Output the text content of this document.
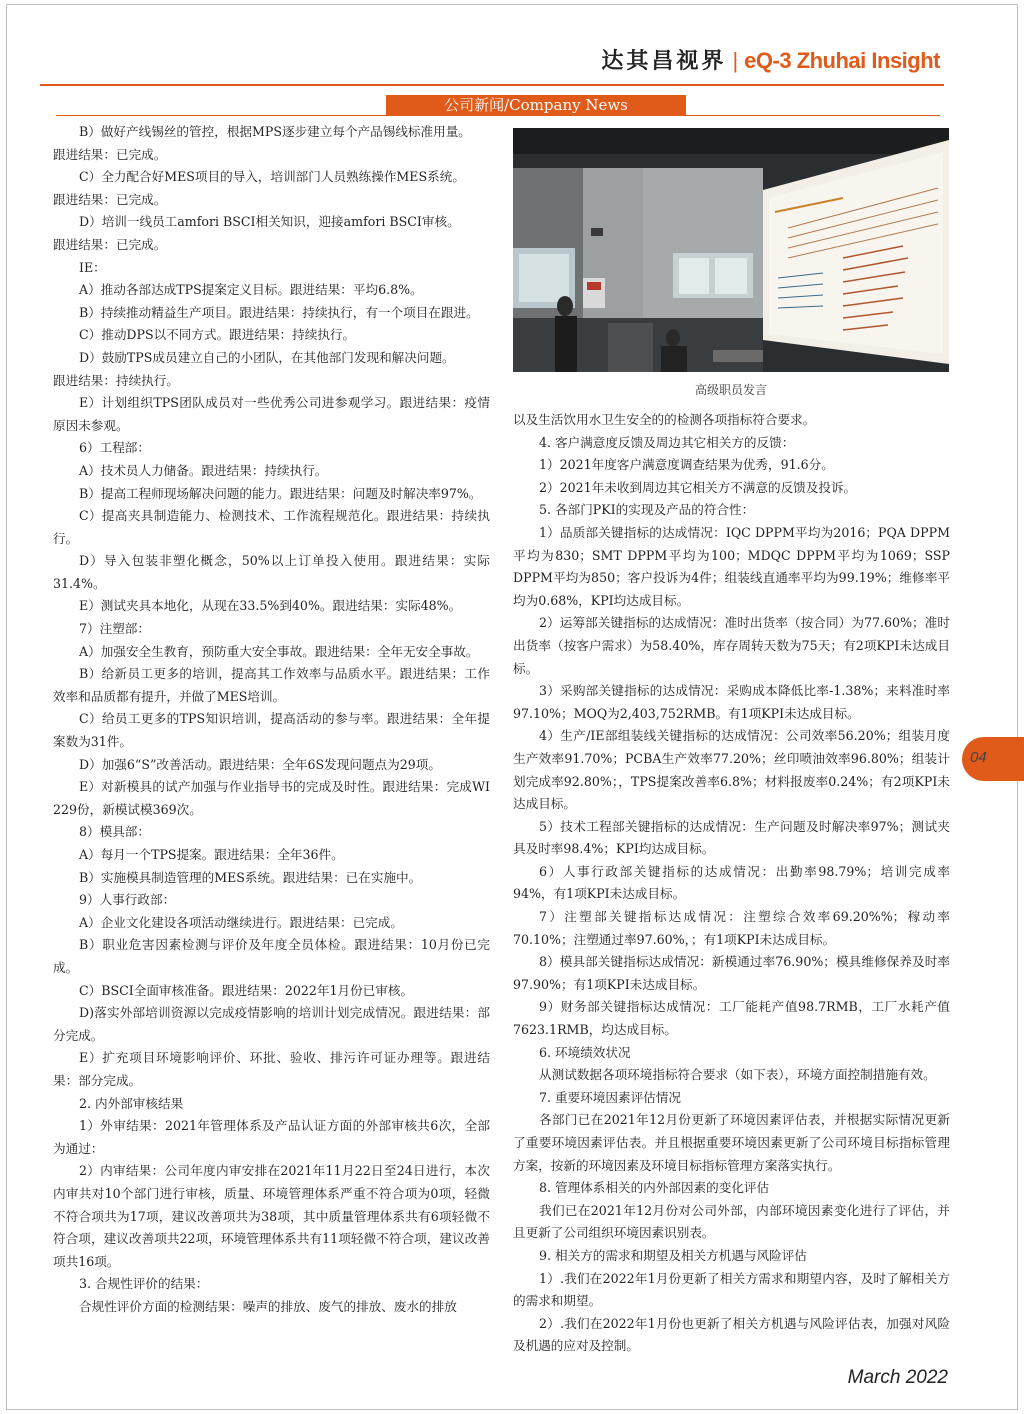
达其昌视界 | eQ-3 Zhuhai Insight
公司新闻/Company News

B）做好产线锡丝的管控，根据MPS逐步建立每个产品锡线标准用量。

跟进结果：已完成。

C）全力配合好MES项目的导入，培训部门人员熟练操作MES系统。

跟进结果：已完成。

D）培训一线员工amfori BSCI相关知识，迎接amfori BSCI审核。

跟进结果：已完成。

IE：

A）推动各部达成TPS提案定义目标。跟进结果：平均6.8%。

B）持续推动精益生产项目。跟进结果：持续执行，有一个项目在跟进。

C）推动DPS以不同方式。跟进结果：持续执行。

D）鼓励TPS成员建立自己的小团队，在其他部门发现和解决问题。

跟进结果：持续执行。

E）计划组织TPS团队成员对一些优秀公司进参观学习。跟进结果：疫情原因未参观。

6）工程部：

A）技术员人力储备。跟进结果：持续执行。

B）提高工程师现场解决问题的能力。跟进结果：问题及时解决率97%。

C）提高夹具制造能力、检测技术、工作流程规范化。跟进结果：持续执行。

D）导入包装非塑化概念，50%以上订单投入使用。跟进结果：实际31.4%。

E）测试夹具本地化，从现在33.5%到40%。跟进结果：实际48%。

7）注塑部：

A）加强安全生教育，预防重大安全事故。跟进结果：全年无安全事故。

B）给新员工更多的培训，提高其工作效率与品质水平。跟进结果：工作效率和品质都有提升，并做了MES培训。

C）给员工更多的TPS知识培训，提高活动的参与率。跟进结果：全年提案数为31件。

D）加强6“S”改善活动。跟进结果：全年6S发现问题点为29项。

E）对新模具的试产加强与作业指导书的完成及时性。跟进结果：完成WI 229份，新模试模369次。

8）模具部：

A）每月一个TPS提案。跟进结果：全年36件。

B）实施模具制造管理的MES系统。跟进结果：已在实施中。

9）人事行政部：

A）企业文化建设各项活动继续进行。跟进结果：已完成。

B）职业危害因素检测与评价及年度全员体检。跟进结果：10月份已完成。

C）BSCI全面审核准备。跟进结果：2022年1月份已审核。

D)落实外部培训资源以完成疫情影响的培训计划完成情况。跟进结果：部分完成。

E）扩充项目环境影响评价、环批、验收、排污许可证办理等。跟进结果：部分完成。

2. 内外部审核结果

1）外审结果：2021年管理体系及产品认证方面的外部审核共6次，全部为通过：

2）内审结果：公司年度内审安排在2021年11月22日至24日进行，本次内审共对10个部门进行审核，质量、环境管理体系严重不符合项为0项，轻微不符合项共为17项，建议改善项共为38项，其中质量管理体系共有6项轻微不符合项，建议改善项共22项，环境管理体系共有11项轻微不符合项，建议改善项共16项。

3. 合规性评价的结果：

合规性评价方面的检测结果：噪声的排放、废气的排放、废水的排放

高级职员发言

以及生活饮用水卫生安全的的检测各项指标符合要求。

4. 客户满意度反馈及周边其它相关方的反馈：

1）2021年度客户满意度调查结果为优秀，91.6分。

2）2021年未收到周边其它相关方不满意的反馈及投诉。

5. 各部门PKI的实现及产品的符合性：

1）品质部关键指标的达成情况：IQC DPPM平均为2016；PQA DPPM平均为830；SMT DPPM平均为100；MDQC DPPM平均为1069；SSP DPPM平均为850；客户投诉为4件；组装线直通率平均为99.19%；维修率平均为0.68%，KPI均达成目标。

2）运筹部关键指标的达成情况：准时出货率（按合同）为77.60%；准时出货率（按客户需求）为58.40%，库存周转天数为75天；有2项KPI未达成目标。

3）采购部关键指标的达成情况：采购成本降低比率-1.38%；来料准时率97.10%；MOQ为2,403,752RMB。有1项KPI未达成目标。

4）生产/IE部组装线关键指标的达成情况：公司效率56.20%；组装月度生产效率91.70%；PCBA生产效率77.20%；丝印喷油效率96.80%；组装计划完成率92.80%；，TPS提案改善率6.8%；材料报废率0.24%；有2项KPI未达成目标。

5）技术工程部关键指标的达成情况：生产问题及时解决率97%；测试夹具及时率98.4%；KPI均达成目标。

6）人事行政部关键指标的达成情况：出勤率98.79%；培训完成率94%，有1项KPI未达成目标。

7）注塑部关键指标达成情况：注塑综合效率69.20%%；稼动率70.10%；注塑通过率97.60%，；有1项KPI未达成目标。

8）模具部关键指标达成情况：新模通过率76.90%；模具维修保养及时率97.90%；有1项KPI未达成目标。

9）财务部关键指标达成情况：工厂能耗产值98.7RMB，工厂水耗产值7623.1RMB，均达成目标。

6. 环境绩效状况

从测试数据各项环境指标符合要求（如下表），环境方面控制措施有效。

7. 重要环境因素评估情况

各部门已在2021年12月份更新了环境因素评估表，并根据实际情况更新了重要环境因素评估表。并且根据重要环境因素更新了公司环境目标指标管理方案，按新的环境因素及环境目标指标管理方案落实执行。

8. 管理体系相关的内外部因素的变化评估

我们已在2021年12月份对公司外部，内部环境因素变化进行了评估，并且更新了公司组织环境因素识别表。

9. 相关方的需求和期望及相关方机遇与风险评估

1）.我们在2022年1月份更新了相关方需求和期望内容，及时了解相关方的需求和期望。

2）.我们在2022年1月份也更新了相关方机遇与风险评估表，加强对风险及机遇的应对及控制。

04
March 2022
